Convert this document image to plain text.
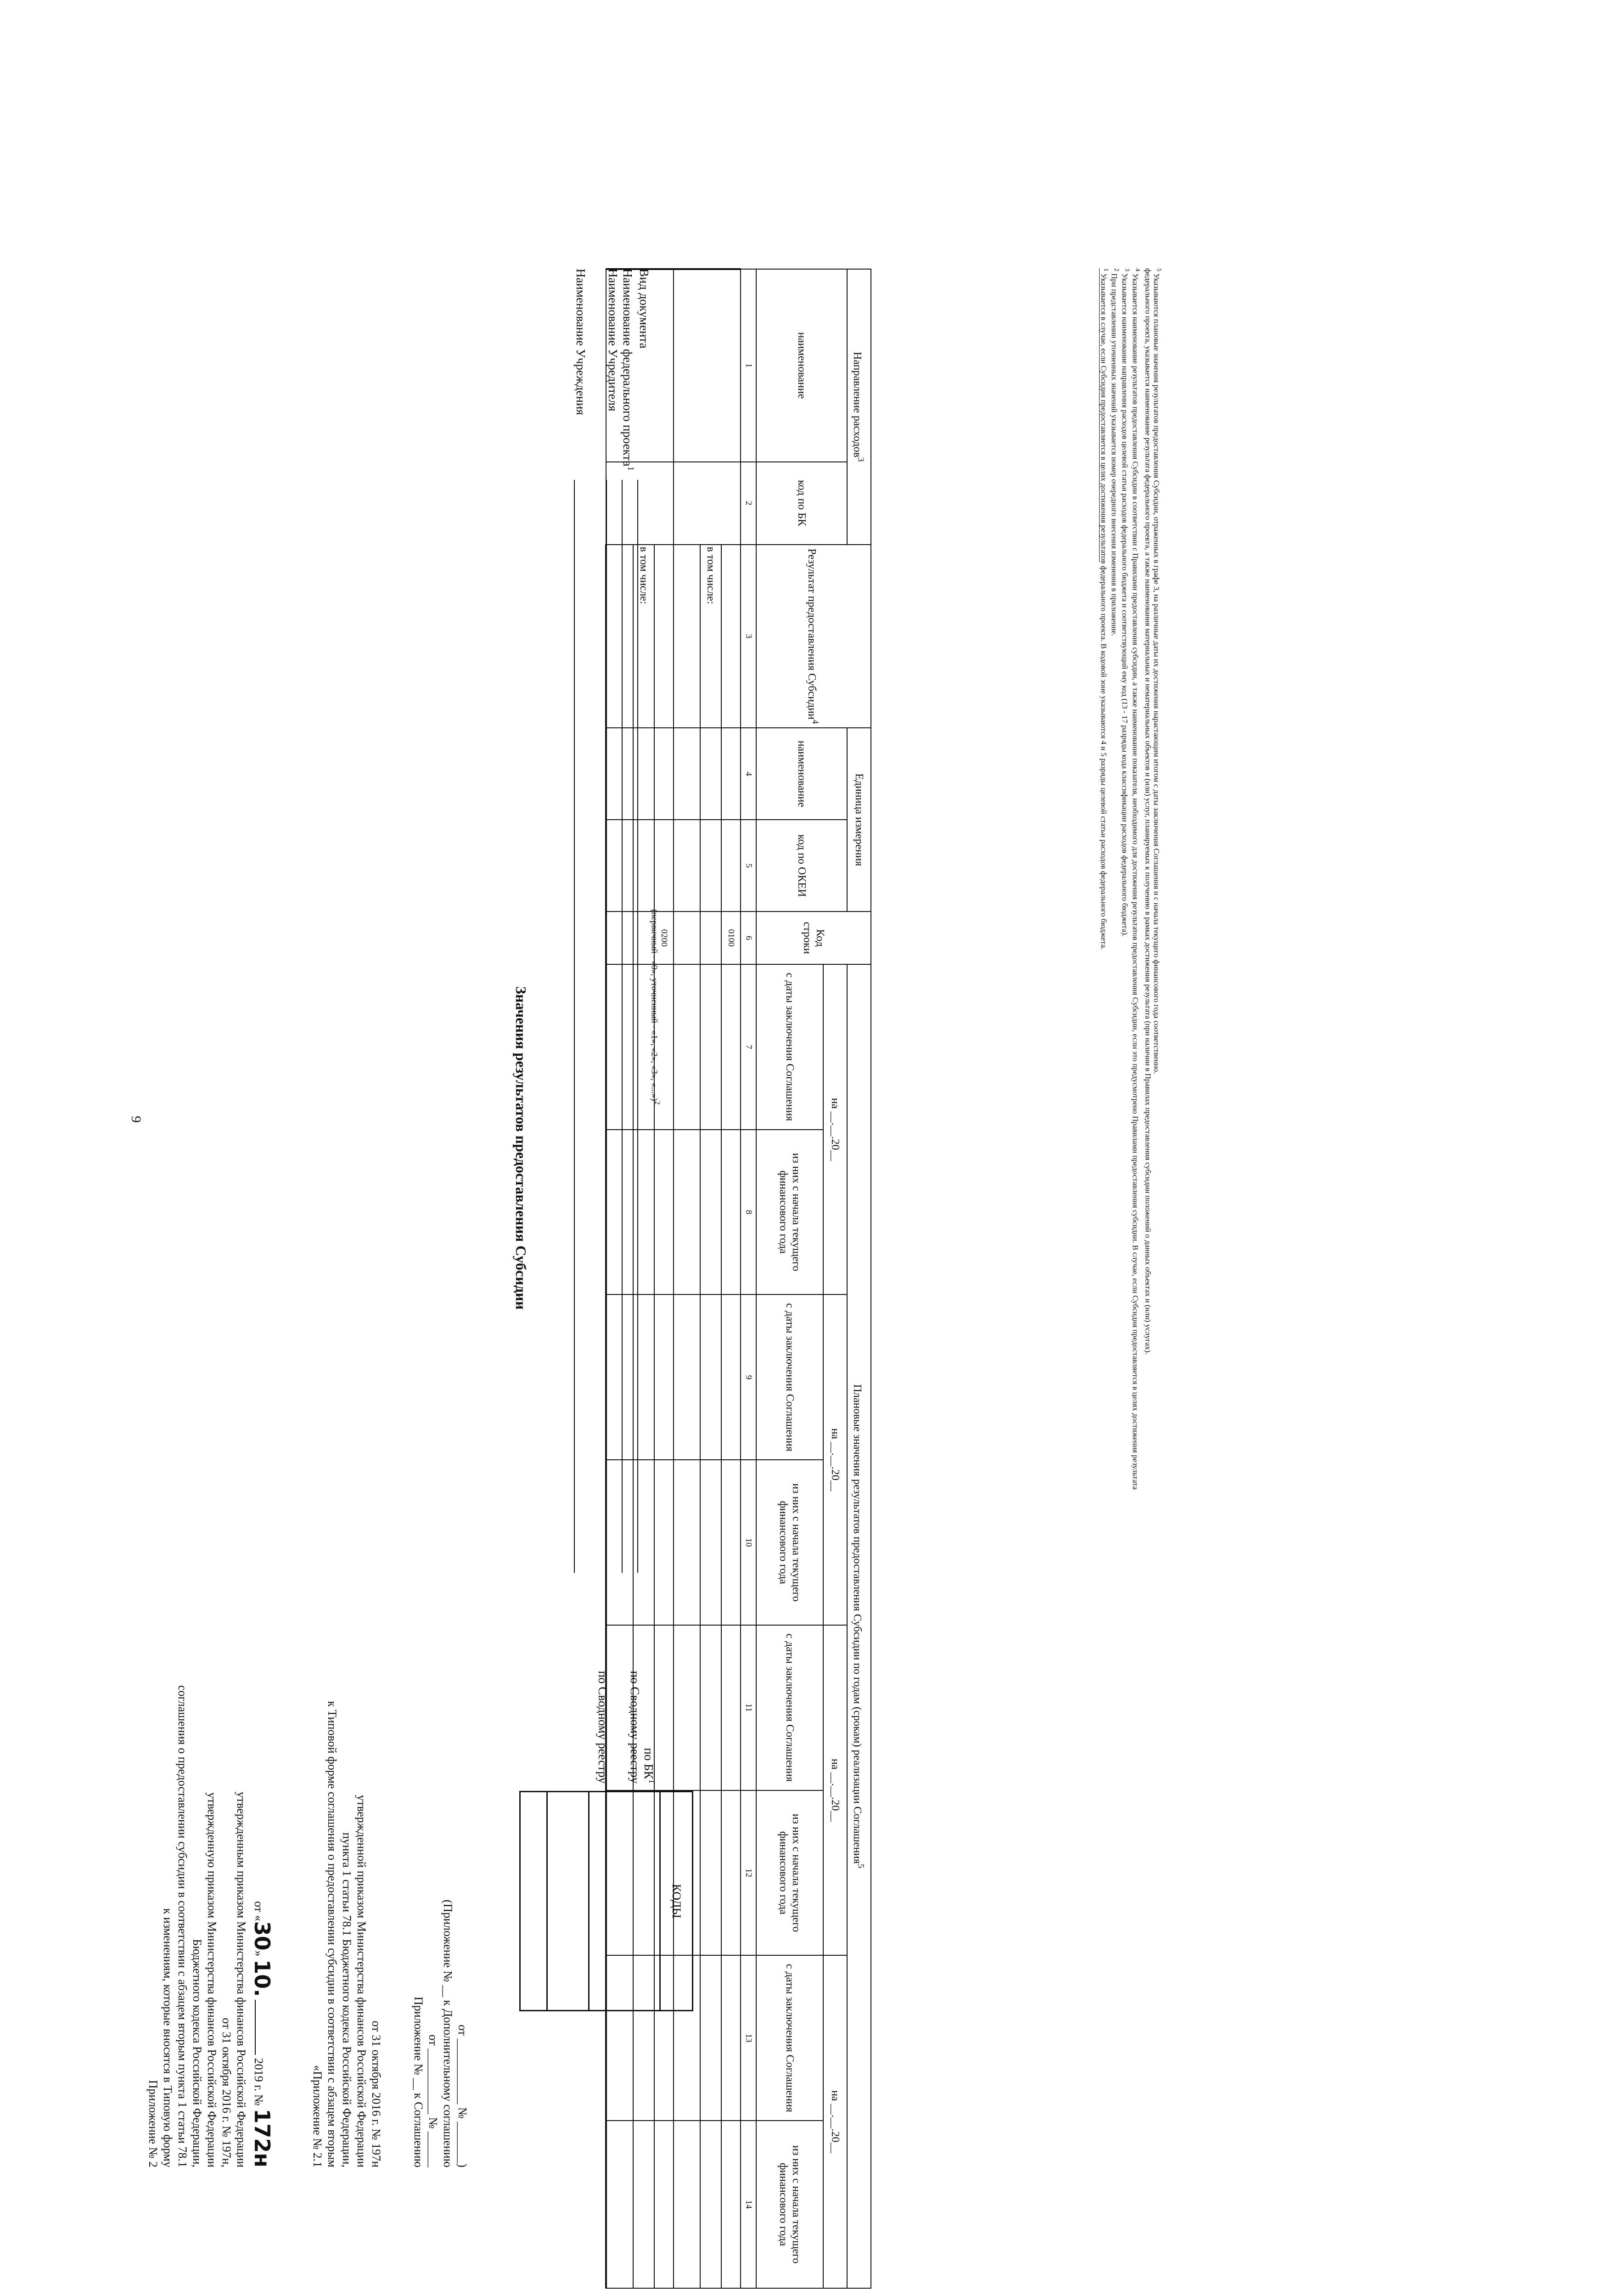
9
Приложение № 2 к изменениям, которые вносятся в Типовую форму соглашения о предоставлении субсидии в соответствии с абзацем вторым пункта 1 статьи 78.1 Бюджетного кодекса Российской Федерации, утвержденную приказом Министерства финансов Российской Федерации от 31 октября 2016 г. № 197н, утвержденным приказом Министерства финансов Российской Федерации от «30» 10.  2019 г. № 172н	«Приложение № 2.1 к Типовой форме соглашения о предоставлении субсидии в соответствии с абзацем вторым пункта 1 статьи 78.1 Бюджетного кодекса Российской Федерации, утвержденной приказом Министерства финансов Российской Федерации от 31 октября 2016 г. № 197н Приложение № __ к Соглашению от ___________ № ______ (Приложение № __ к Дополнительному соглашению от ___________ № _______)
Значения результатов предоставления Субсидии
Наименование Учреждения Наименование Учредителя Наименование федерального проекта$^1$
Вид документа
(первичный - «0», уточненный - «1», «2», «3», «...»)$^2$
по Сводному реестру по Сводному реестру по $БК^1$
КОДЫ

Направление расходов$^3$		Результат предоставления Субсидии$^4$	Единица измерения		Код строки	Плановые значения результатов предоставления Субсидии по годам (срокам) реализации Соглашения$^5$
наименование	код по БК		наименование	код по ОКЕИ		на __.__.20__		на __.__.20__		на __.__.20__		на __.__.20__	
						с даты заключения Соглашения	из них с начала текущего финансового года	с даты заключения Соглашения	из них с начала текущего финансового года	с даты заключения Соглашения	из них с начала текущего финансового года	с даты заключения Соглашения	из них с начала текущего финансового года
1	2	3	4	5	6	7	8	9	10	11	12	13	14
					0100								
		в том числе:											

					0200								
		в том числе:											

$^1$ Указывается в случае, если Субсидия предоставляется в целях достижения результатов федерального проекта. В кодовой зоне указываются 4 и 5 разряды целевой статьи расходов федерального бюджета.
$^2$ При представлении уточненных значений указывается номер очередного внесения изменения в приложение.
$^3$ Указывается наименование направления расходов целевой статьи расходов федерального бюджета и соответствующий ему код (13 - 17 разряды кода классификации расходов федерального бюджета).
$^4$ Указывается наименование результатов предоставления Субсидии в соответствии с Правилами предоставления субсидии, а также наименование показателя, необходимого для достижения результатов предоставления Субсидии, если это предусмотрено Правилами предоставления субсидии. В случае, если Субсидия предоставляется в целях достижения результата федерального проекта, указывается наименование результата федерального проекта, а также наименования материальных и нематериальных объектов и (или) услуг, планируемых к получению в рамках достижения результата (при наличии в Правилах предоставления субсидии положений о данных объектах и (или) услугах). $^5$ Указываются плановые значения результатов предоставления Субсидии, отраженных в графе 3, на различные даты их достижения нарастающим итогом с даты заключения Соглашения и с начала текущего финансового года соответственно.
